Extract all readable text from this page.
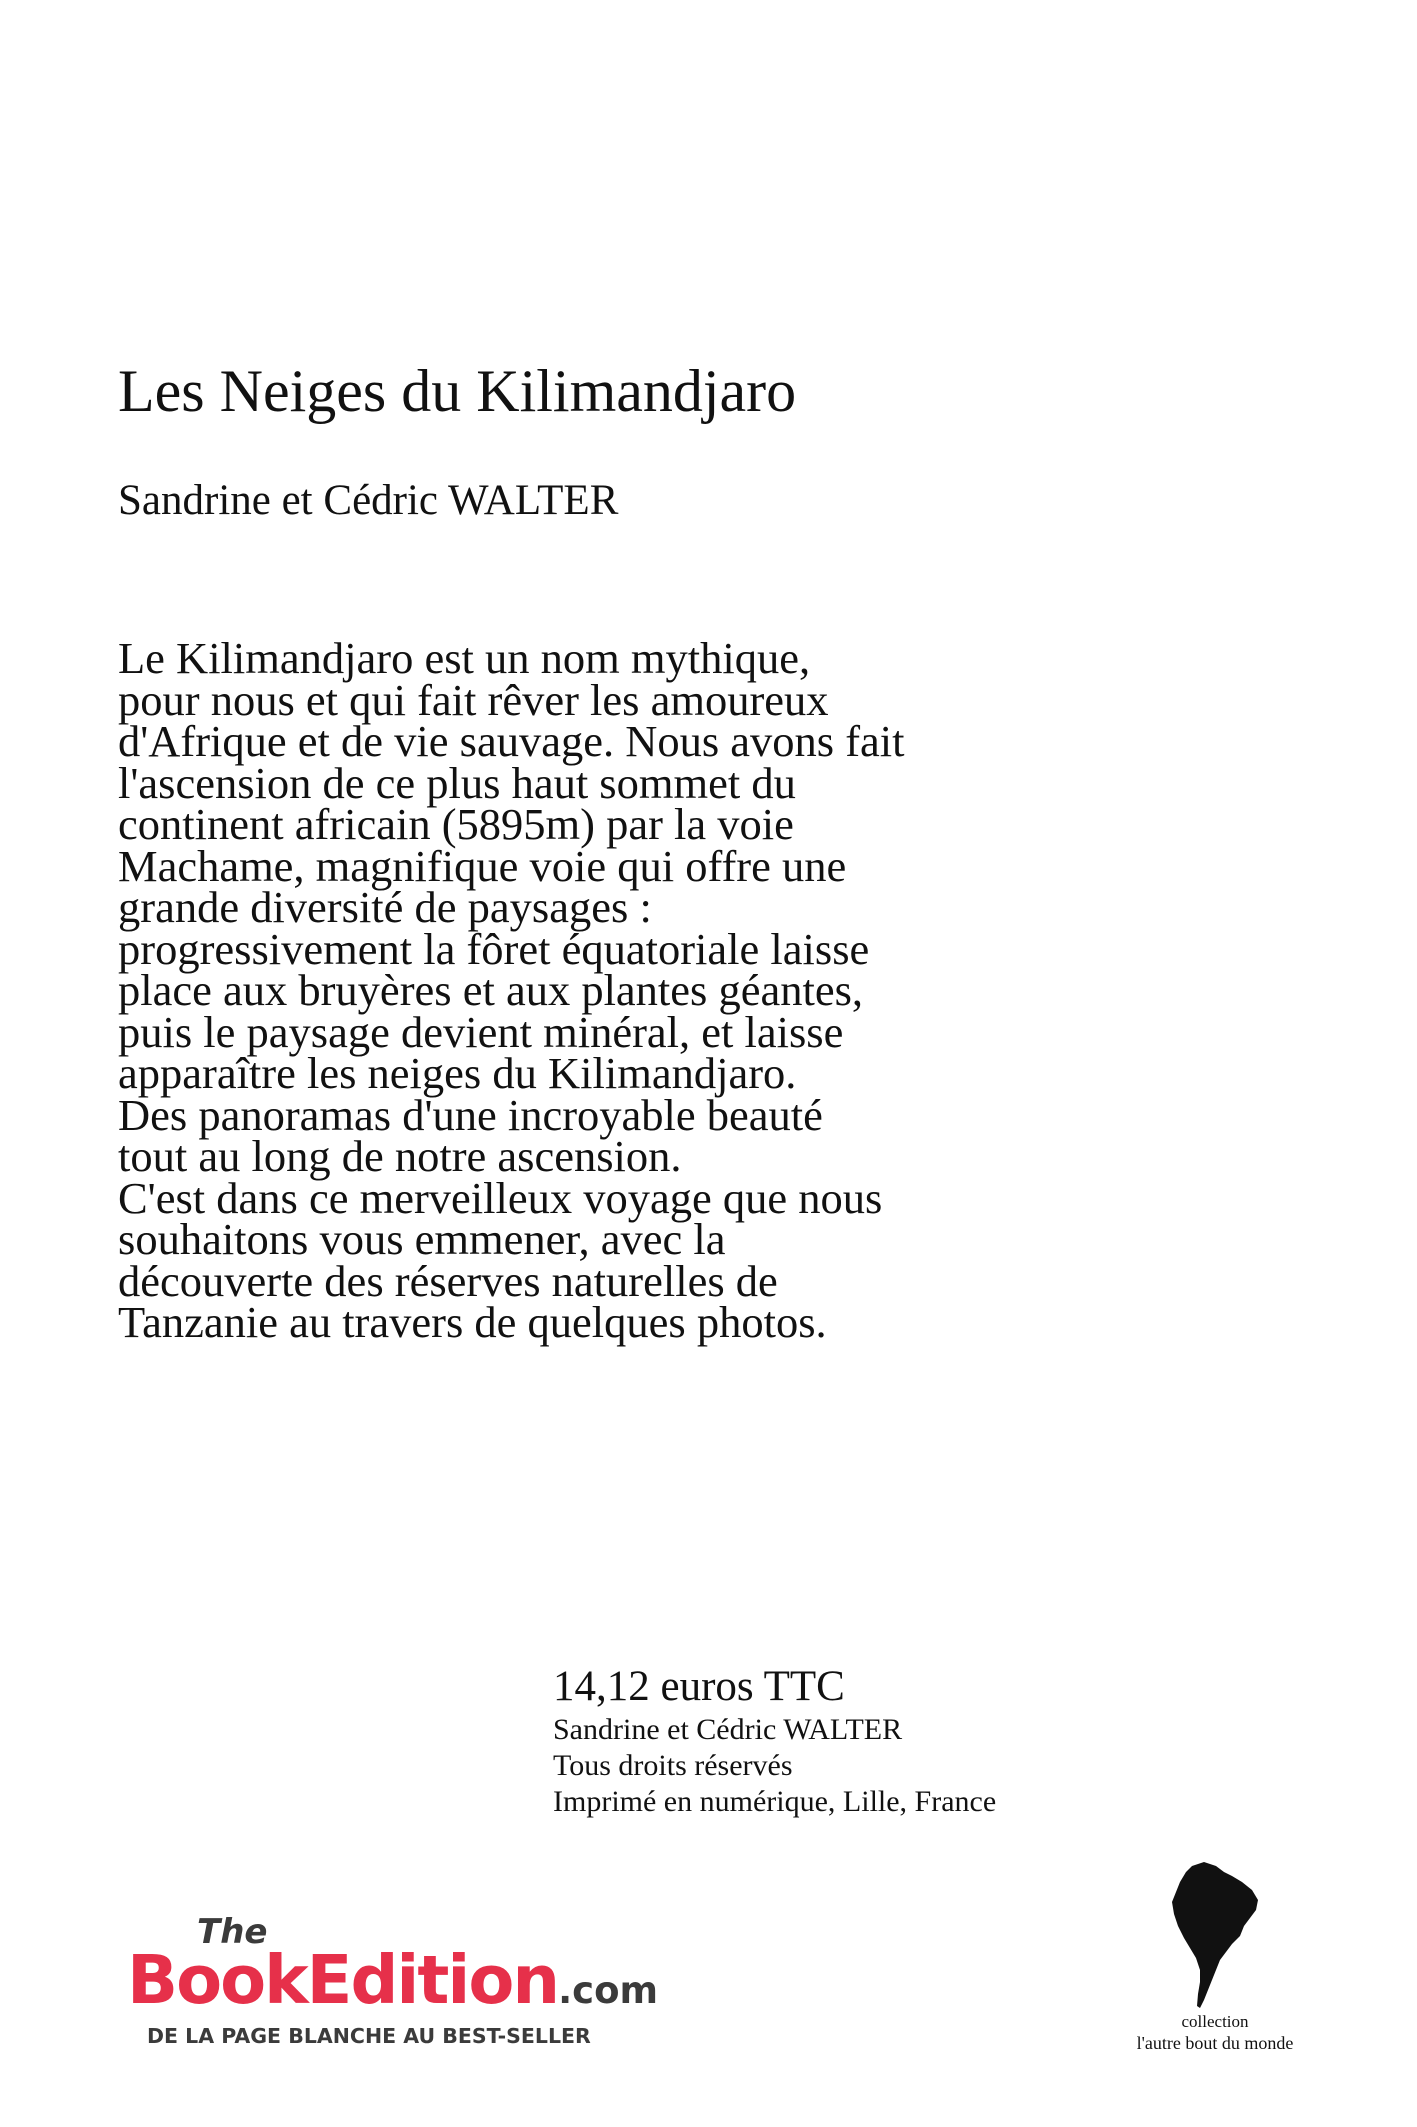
Les Neiges du Kilimandjaro
Sandrine et Cédric WALTER
Le Kilimandjaro est un nom mythique,
pour nous et qui fait rêver les amoureux
d'Afrique et de vie sauvage. Nous avons fait
l'ascension de ce plus haut sommet du
continent africain (5895m) par la voie
Machame, magnifique voie qui offre une
grande diversité de paysages :
progressivement la fôret équatoriale laisse
place aux bruyères et aux plantes géantes,
puis le paysage devient minéral, et laisse
apparaître les neiges du Kilimandjaro.
Des panoramas d'une incroyable beauté
tout au long de notre ascension.
C'est dans ce merveilleux voyage que nous
souhaitons vous emmener, avec la
découverte des réserves naturelles de
Tanzanie au travers de quelques photos.
14,12 euros TTC
Sandrine et Cédric WALTER
Tous droits réservés
Imprimé en numérique, Lille, France
The
BookEdition.com
DE LA PAGE BLANCHE AU BEST-SELLER
collection
l'autre bout du monde
